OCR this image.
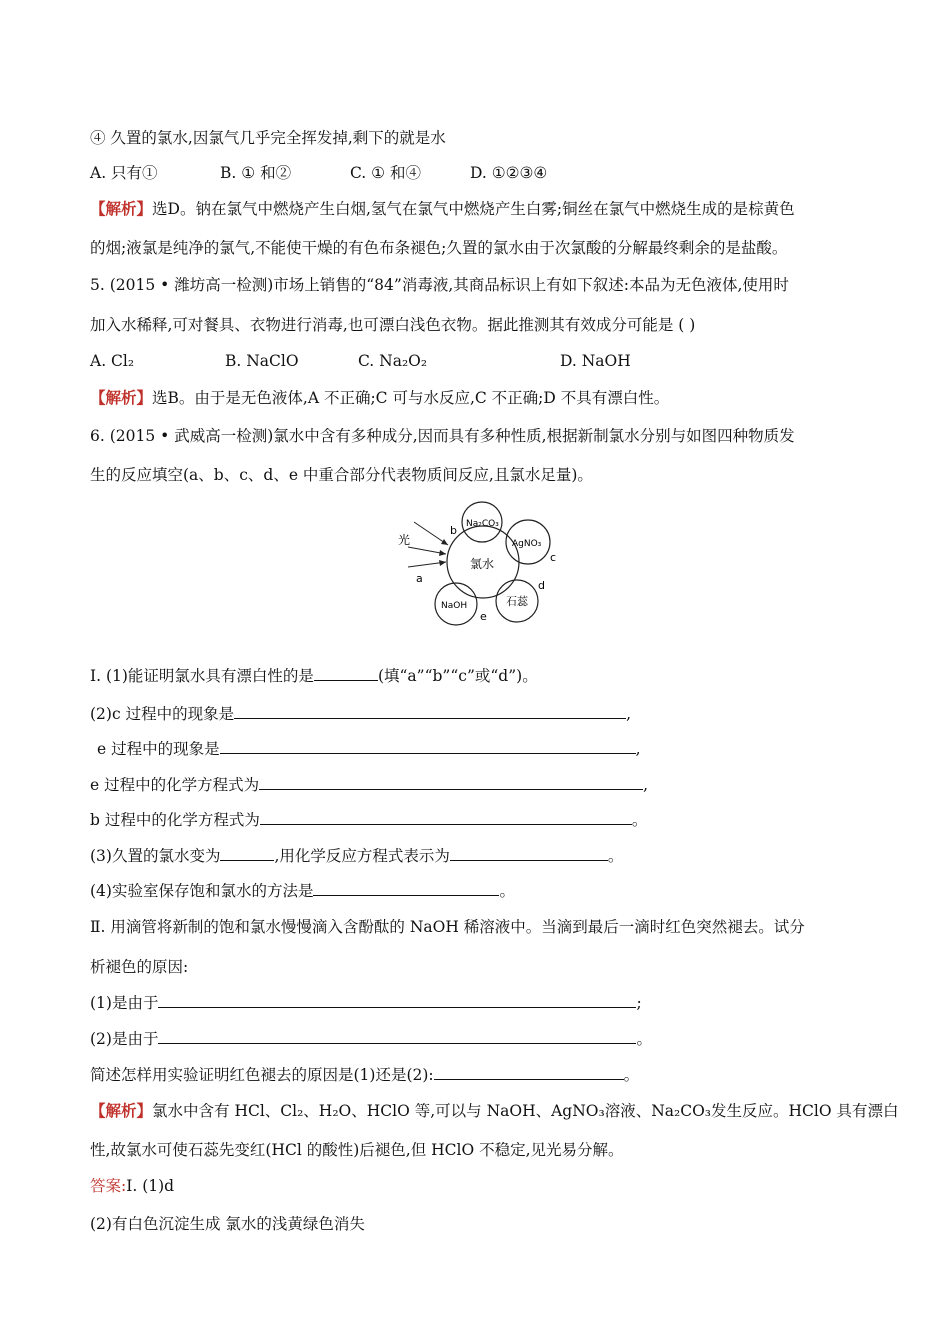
④ 久置的氯水,因氯气几乎完全挥发掉,剩下的就是水
A. 只有①	B. ① 和②	C. ① 和④	D. ①②③④
【解析】选D。钠在氯气中燃烧产生白烟,氢气在氯气中燃烧产生白雾;铜丝在氯气中燃烧生成的是棕黄色
的烟;液氯是纯净的氯气,不能使干燥的有色布条褪色;久置的氯水由于次氯酸的分解最终剩余的是盐酸。
5. (2015 • 潍坊高一检测)市场上销售的“84”消毒液,其商品标识上有如下叙述:本品为无色液体,使用时
加入水稀释,可对餐具、衣物进行消毒,也可漂白浅色衣物。据此推测其有效成分可能是 ( )
A. Cl₂	B. NaClO	C. Na₂O₂	D. NaOH
【解析】选B。由于是无色液体,A 不正确;C 可与水反应,C 不正确;D 不具有漂白性。
6. (2015 • 武威高一检测)氯水中含有多种成分,因而具有多种性质,根据新制氯水分别与如图四种物质发
生的反应填空(a、b、c、d、e 中重合部分代表物质间反应,且氯水足量)。
氯水
Na₂CO₃
AgNO₃
NaOH	石蕊
光
a
b
c
d
e
Ⅰ. (1)能证明氯水具有漂白性的是	(填“a”“b”“c”或“d”)。
(2)c 过程中的现象是	,
e 过程中的现象是	,
e 过程中的化学方程式为	,
b 过程中的化学方程式为	。
(3)久置的氯水变为	,用化学反应方程式表示为	。
(4)实验室保存饱和氯水的方法是	。
Ⅱ. 用滴管将新制的饱和氯水慢慢滴入含酚酞的 NaOH 稀溶液中。当滴到最后一滴时红色突然褪去。试分
析褪色的原因:
(1)是由于	;
(2)是由于	。
简述怎样用实验证明红色褪去的原因是(1)还是(2):	。
【解析】氯水中含有 HCl、Cl₂、H₂O、HClO 等,可以与 NaOH、AgNO₃溶液、Na₂CO₃发生反应。HClO 具有漂白
性,故氯水可使石蕊先变红(HCl 的酸性)后褪色,但 HClO 不稳定,见光易分解。
答案:Ⅰ. (1)d
(2)有白色沉淀生成 氯水的浅黄绿色消失
